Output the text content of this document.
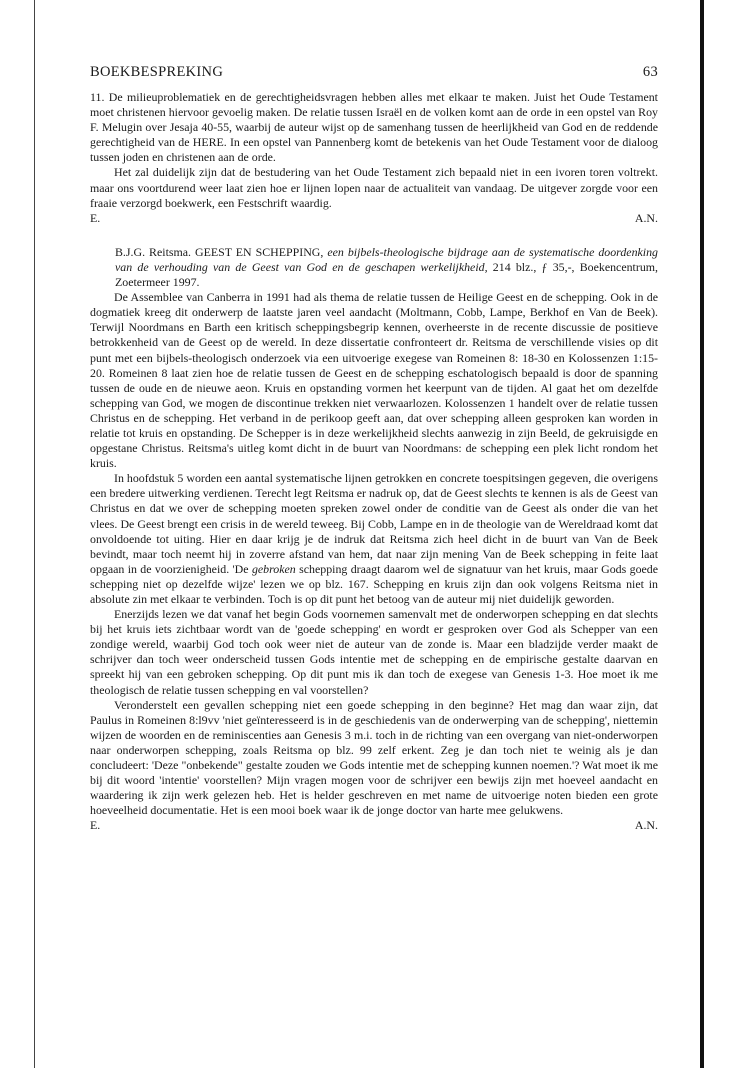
BOEKBESPREKING	63

11. De milieuproblematiek en de gerechtigheidsvragen hebben alles met elkaar te maken. Juist het Oude Testament moet christenen hiervoor gevoelig maken. De relatie tussen Israël en de volken komt aan de orde in een opstel van Roy F. Melugin over Jesaja 40-55, waarbij de auteur wijst op de samenhang tussen de heerlijkheid van God en de reddende gerechtigheid van de HERE. In een opstel van Pannenberg komt de betekenis van het Oude Testament voor de dialoog tussen joden en christenen aan de orde.

Het zal duidelijk zijn dat de bestudering van het Oude Testament zich bepaald niet in een ivoren toren voltrekt. maar ons voortdurend weer laat zien hoe er lijnen lopen naar de actualiteit van vandaag. De uitgever zorgde voor een fraaie verzorgd boekwerk, een Festschrift waardig.

E.	A.N.

B.J.G. Reitsma. GEEST EN SCHEPPING, een bijbels-theologische bijdrage aan de systematische doordenking van de verhouding van de Geest van God en de geschapen werkelijkheid, 214 blz., ƒ 35,-, Boekencentrum, Zoetermeer 1997.

De Assemblee van Canberra in 1991 had als thema de relatie tussen de Heilige Geest en de schepping. Ook in de dogmatiek kreeg dit onderwerp de laatste jaren veel aandacht (Moltmann, Cobb, Lampe, Berkhof en Van de Beek). Terwijl Noordmans en Barth een kritisch scheppingsbegrip kennen, overheerste in de recente discussie de positieve betrokkenheid van de Geest op de wereld. In deze dissertatie confronteert dr. Reitsma de verschillende visies op dit punt met een bijbels-theologisch onderzoek via een uitvoerige exegese van Romeinen 8: 18-30 en Kolossenzen 1:15-20. Romeinen 8 laat zien hoe de relatie tussen de Geest en de schepping eschatologisch bepaald is door de spanning tussen de oude en de nieuwe aeon. Kruis en opstanding vormen het keerpunt van de tijden. Al gaat het om dezelfde schepping van God, we mogen de discontinue trekken niet verwaarlozen. Kolossenzen 1 handelt over de relatie tussen Christus en de schepping. Het verband in de perikoop geeft aan, dat over schepping alleen gesproken kan worden in relatie tot kruis en opstanding. De Schepper is in deze werkelijkheid slechts aanwezig in zijn Beeld, de gekruisigde en opgestane Christus. Reitsma's uitleg komt dicht in de buurt van Noordmans: de schepping een plek licht rondom het kruis.

In hoofdstuk 5 worden een aantal systematische lijnen getrokken en concrete toespitsingen gegeven, die overigens een bredere uitwerking verdienen. Terecht legt Reitsma er nadruk op, dat de Geest slechts te kennen is als de Geest van Christus en dat we over de schepping moeten spreken zowel onder de conditie van de Geest als onder die van het vlees. De Geest brengt een crisis in de wereld teweeg. Bij Cobb, Lampe en in de theologie van de Wereldraad komt dat onvoldoende tot uiting. Hier en daar krijg je de indruk dat Reitsma zich heel dicht in de buurt van Van de Beek bevindt, maar toch neemt hij in zoverre afstand van hem, dat naar zijn mening Van de Beek schepping in feite laat opgaan in de voorzienigheid. 'De gebroken schepping draagt daarom wel de signatuur van het kruis, maar Gods goede schepping niet op dezelfde wijze' lezen we op blz. 167. Schepping en kruis zijn dan ook volgens Reitsma niet in absolute zin met elkaar te verbinden. Toch is op dit punt het betoog van de auteur mij niet duidelijk geworden.

Enerzijds lezen we dat vanaf het begin Gods voornemen samenvalt met de onderworpen schepping en dat slechts bij het kruis iets zichtbaar wordt van de 'goede schepping' en wordt er gesproken over God als Schepper van een zondige wereld, waarbij God toch ook weer niet de auteur van de zonde is. Maar een bladzijde verder maakt de schrijver dan toch weer onderscheid tussen Gods intentie met de schepping en de empirische gestalte daarvan en spreekt hij van een gebroken schepping. Op dit punt mis ik dan toch de exegese van Genesis 1-3. Hoe moet ik me theologisch de relatie tussen schepping en val voorstellen?

Veronderstelt een gevallen schepping niet een goede schepping in den beginne? Het mag dan waar zijn, dat Paulus in Romeinen 8:l9vv 'niet geïnteresseerd is in de geschiedenis van de onderwerping van de schepping', niettemin wijzen de woorden en de reminiscenties aan Genesis 3 m.i. toch in de richting van een overgang van niet-onderworpen naar onderworpen schepping, zoals Reitsma op blz. 99 zelf erkent. Zeg je dan toch niet te weinig als je dan concludeert: 'Deze "onbekende" gestalte zouden we Gods intentie met de schepping kunnen noemen.'? Wat moet ik me bij dit woord 'intentie' voorstellen? Mijn vragen mogen voor de schrijver een bewijs zijn met hoeveel aandacht en waardering ik zijn werk gelezen heb. Het is helder geschreven en met name de uitvoerige noten bieden een grote hoeveelheid documentatie. Het is een mooi boek waar ik de jonge doctor van harte mee gelukwens.

E.	A.N.
